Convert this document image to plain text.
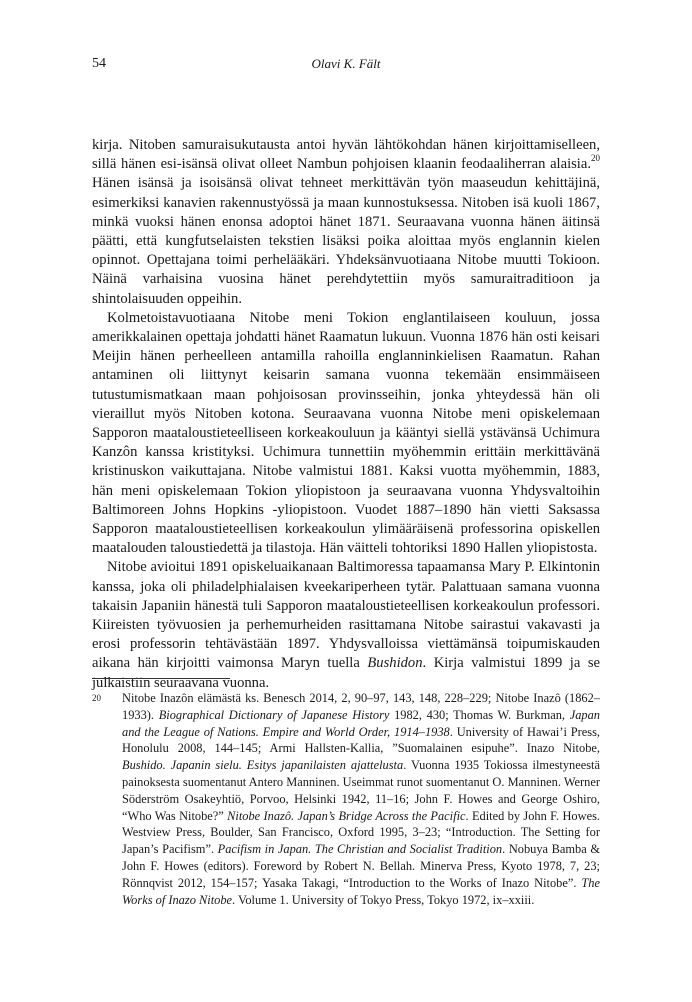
54	Olavi K. Fält

kirja. Nitoben samuraisukutausta antoi hyvän lähtökohdan hänen kirjoittamiselleen, sillä hänen esi-isänsä olivat olleet Nambun pohjoisen klaanin feodaaliherran alaisia.$^{20}$ Hänen isänsä ja isoisänsä olivat tehneet merkittävän työn maaseudun kehittäjinä, esimerkiksi kanavien rakennustyössä ja maan kunnostuksessa. Nitoben isä kuoli 1867, minkä vuoksi hänen enonsa adoptoi hänet 1871. Seuraavana vuonna hänen äitinsä päätti, että kungfutselaisten tekstien lisäksi poika aloittaa myös englannin kielen opinnot. Opettajana toimi perhelääkäri. Yhdeksänvuotiaana Nitobe muutti Tokioon. Näinä varhaisina vuosina hänet perehdytettiin myös samuraitraditioon ja shintolaisuuden oppeihin.

Kolmetoistavuotiaana Nitobe meni Tokion englantilaiseen kouluun, jossa amerikkalainen opettaja johdatti hänet Raamatun lukuun. Vuonna 1876 hän osti keisari Meijin hänen perheelleen antamilla rahoilla englanninkielisen Raamatun. Rahan antaminen oli liittynyt keisarin samana vuonna tekemään ensimmäiseen tutustumismatkaan maan pohjoisosan provinsseihin, jonka yhteydessä hän oli vieraillut myös Nitoben kotona. Seuraavana vuonna Nitobe meni opiskelemaan Sapporon maataloustieteelliseen korkeakouluun ja kääntyi siellä ystävänsä Uchimura Kanzôn kanssa kristityksi. Uchimura tunnettiin myöhemmin erittäin merkittävänä kristinuskon vaikuttajana. Nitobe valmistui 1881. Kaksi vuotta myöhemmin, 1883, hän meni opiskelemaan Tokion yliopistoon ja seuraavana vuonna Yhdysvaltoihin Baltimoreen Johns Hopkins -yliopistoon. Vuodet 1887–1890 hän vietti Saksassa Sapporon maataloustieteellisen korkeakoulun ylimääräisenä professorina opiskellen maatalouden taloustiedettä ja tilastoja. Hän väitteli tohtoriksi 1890 Hallen yliopistosta.

Nitobe avioitui 1891 opiskeluaikanaan Baltimoressa tapaamansa Mary P. Elkintonin kanssa, joka oli philadelphialaisen kveekariperheen tytär. Palattuaan samana vuonna takaisin Japaniin hänestä tuli Sapporon maataloustieteellisen korkeakoulun professori. Kiireisten työvuosien ja perhemurheiden rasittamana Nitobe sairastui vakavasti ja erosi professorin tehtävästään 1897. Yhdysvalloissa viettämänsä toipumiskauden aikana hän kirjoitti vaimonsa Maryn tuella Bushidon. Kirja valmistui 1899 ja se julkaistiin seuraavana vuonna.

20 Nitobe Inazôn elämästä ks. Benesch 2014, 2, 90–97, 143, 148, 228–229; Nitobe Inazô (1862–1933). Biographical Dictionary of Japanese History 1982, 430; Thomas W. Burkman, Japan and the League of Nations. Empire and World Order, 1914–1938. University of Hawai’i Press, Honolulu 2008, 144–145; Armi Hallsten-Kallia, ”Suomalainen esipuhe”. Inazo Nitobe, Bushido. Japanin sielu. Esitys japanilaisten ajattelusta. Vuonna 1935 Tokiossa ilmestyneestä painoksesta suomentanut Antero Manninen. Useimmat runot suomentanut O. Manninen. Werner Söderström Osakeyhtiö, Porvoo, Helsinki 1942, 11–16; John F. Howes and George Oshiro, “Who Was Nitobe?” Nitobe Inazô. Japan’s Bridge Across the Pacific. Edited by John F. Howes. Westview Press, Boulder, San Francisco, Oxford 1995, 3–23; “Introduction. The Setting for Japan’s Pacifism”. Pacifism in Japan. The Christian and Socialist Tradition. Nobuya Bamba & John F. Howes (editors). Foreword by Robert N. Bellah. Minerva Press, Kyoto 1978, 7, 23; Rönnqvist 2012, 154–157; Yasaka Takagi, “Introduction to the Works of Inazo Nitobe”. The Works of Inazo Nitobe. Volume 1. University of Tokyo Press, Tokyo 1972, ix–xxiii.
